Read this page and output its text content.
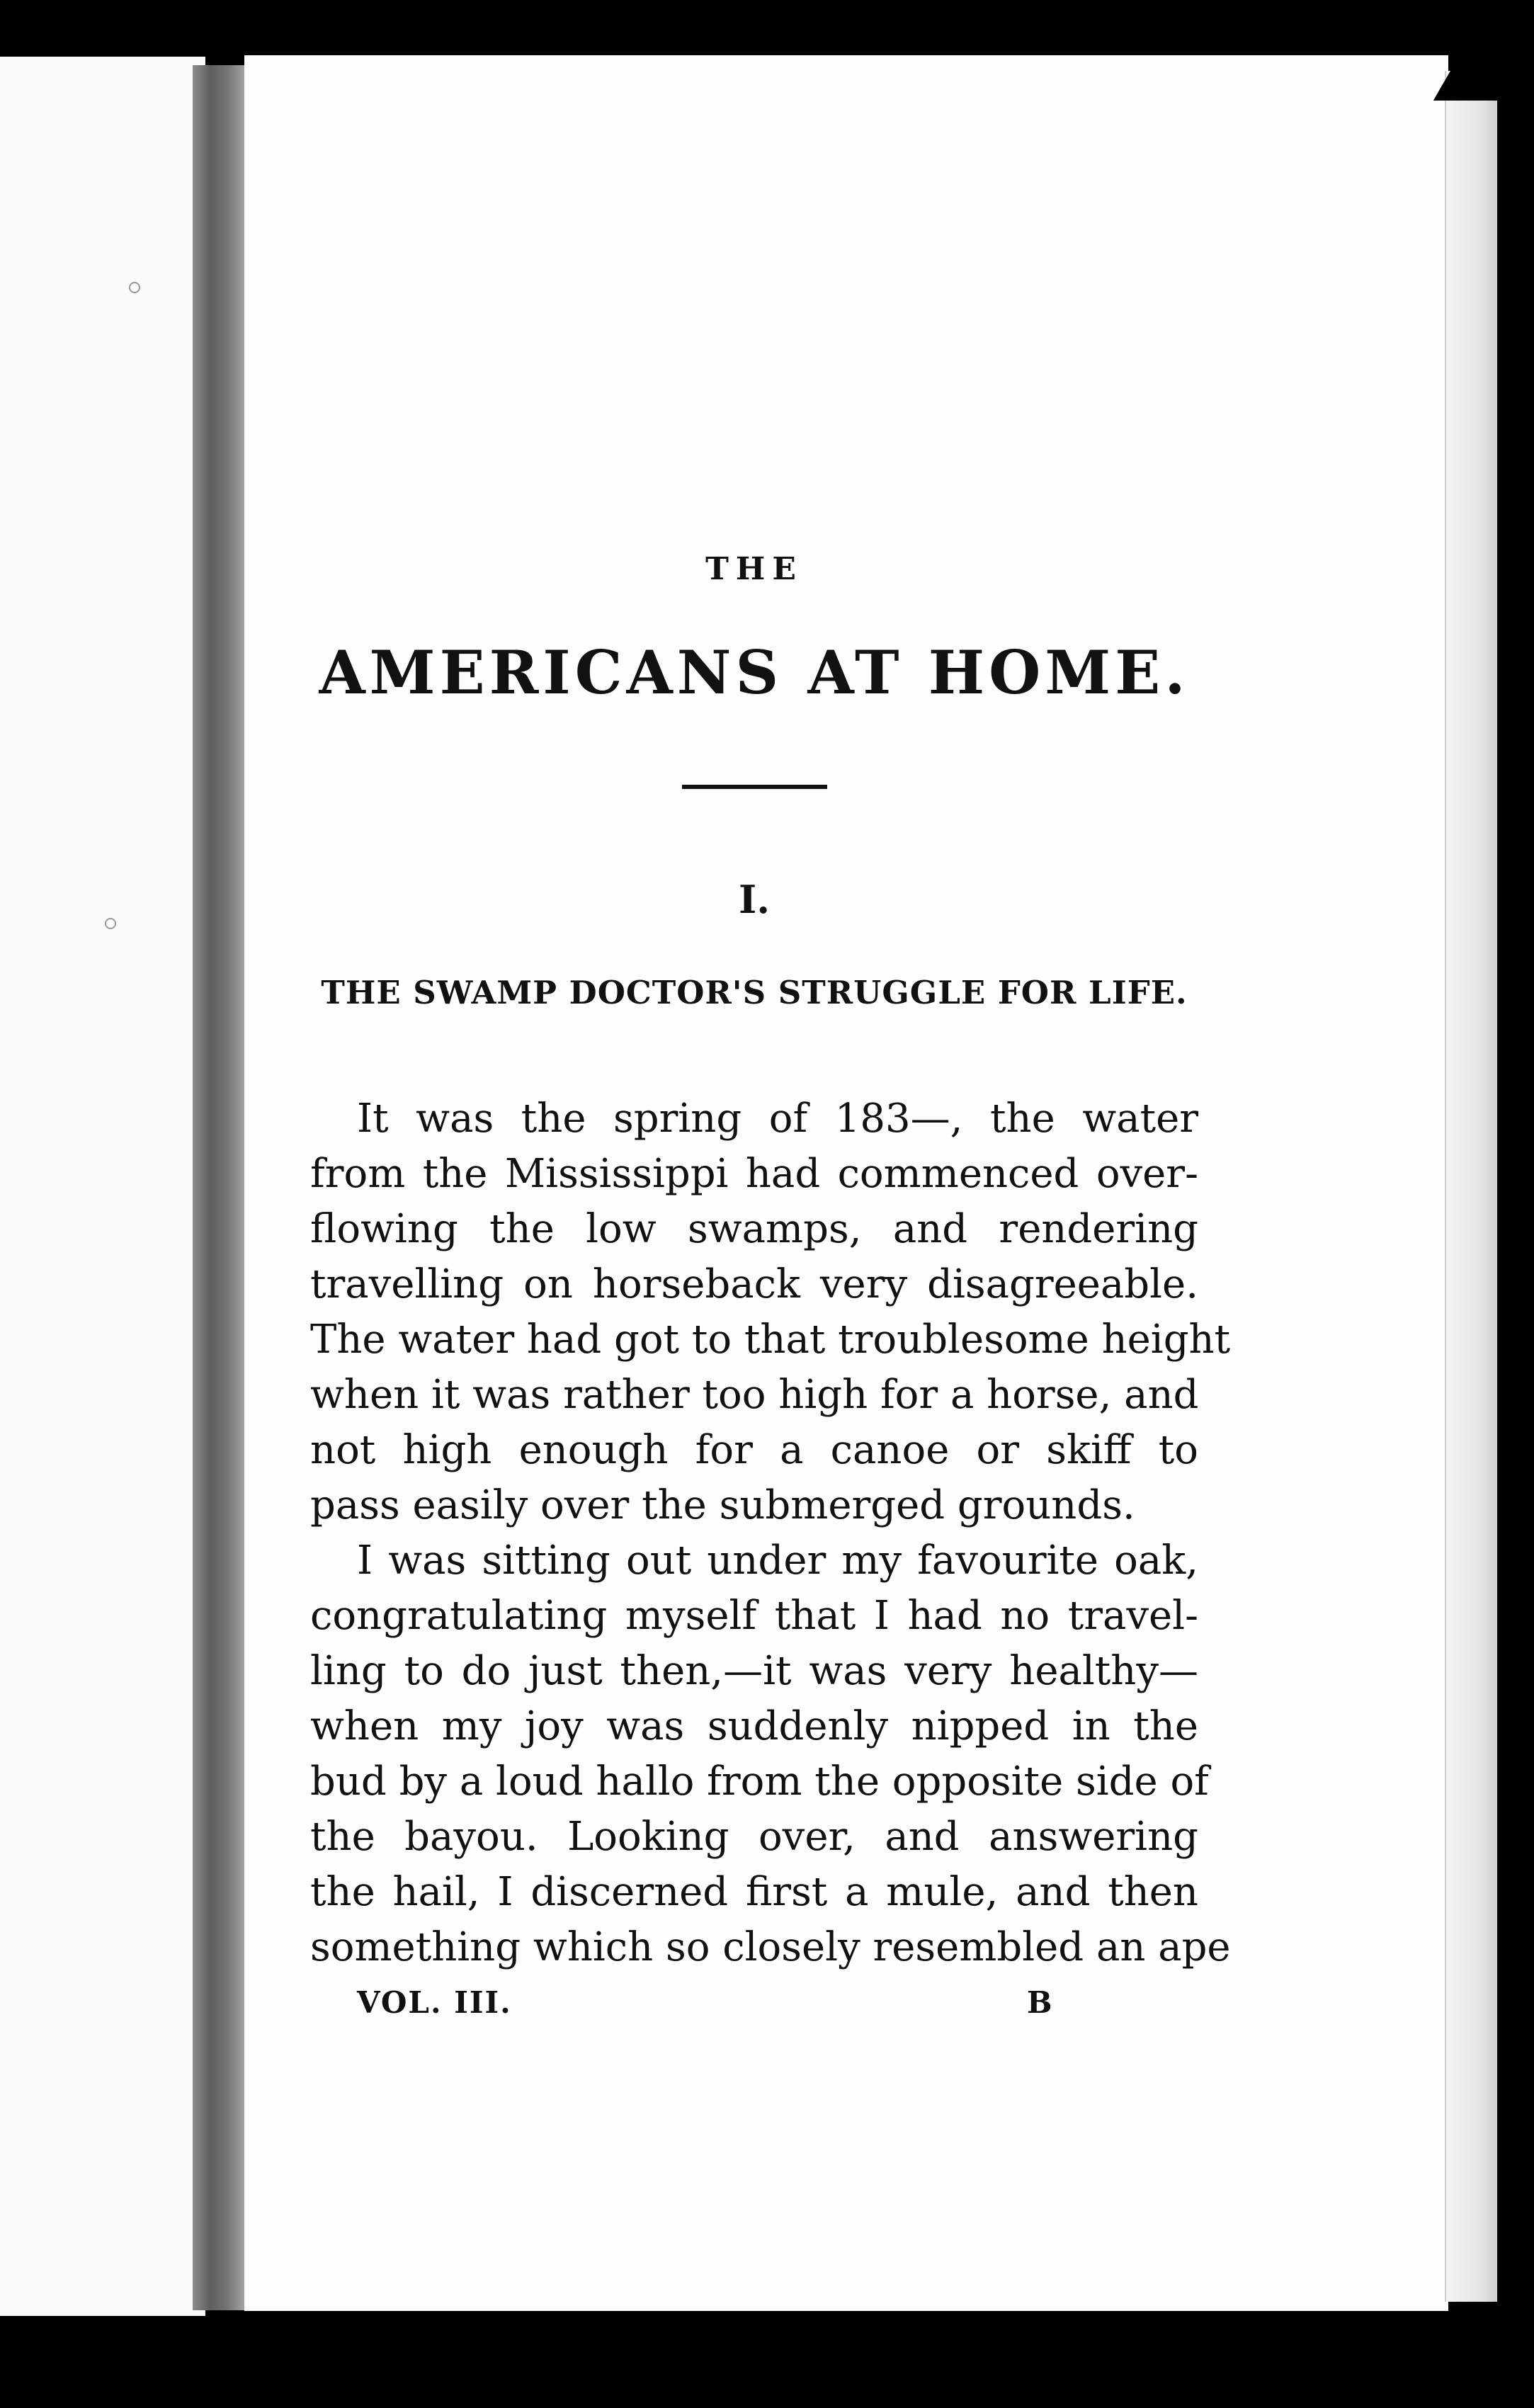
THE
AMERICANS AT HOME.
I.
THE SWAMP DOCTOR'S STRUGGLE FOR LIFE.
It was the spring of 183—, the water
from the Mississippi had commenced over-
flowing the low swamps, and rendering
travelling on horseback very disagreeable.
The water had got to that troublesome height
when it was rather too high for a horse, and
not high enough for a canoe or skiff to
pass easily over the submerged grounds.
I was sitting out under my favourite oak,
congratulating myself that I had no travel-
ling to do just then,—it was very healthy—
when my joy was suddenly nipped in the
bud by a loud hallo from the opposite side of
the bayou. Looking over, and answering
the hail, I discerned first a mule, and then
something which so closely resembled an ape
VOL. III.	B
